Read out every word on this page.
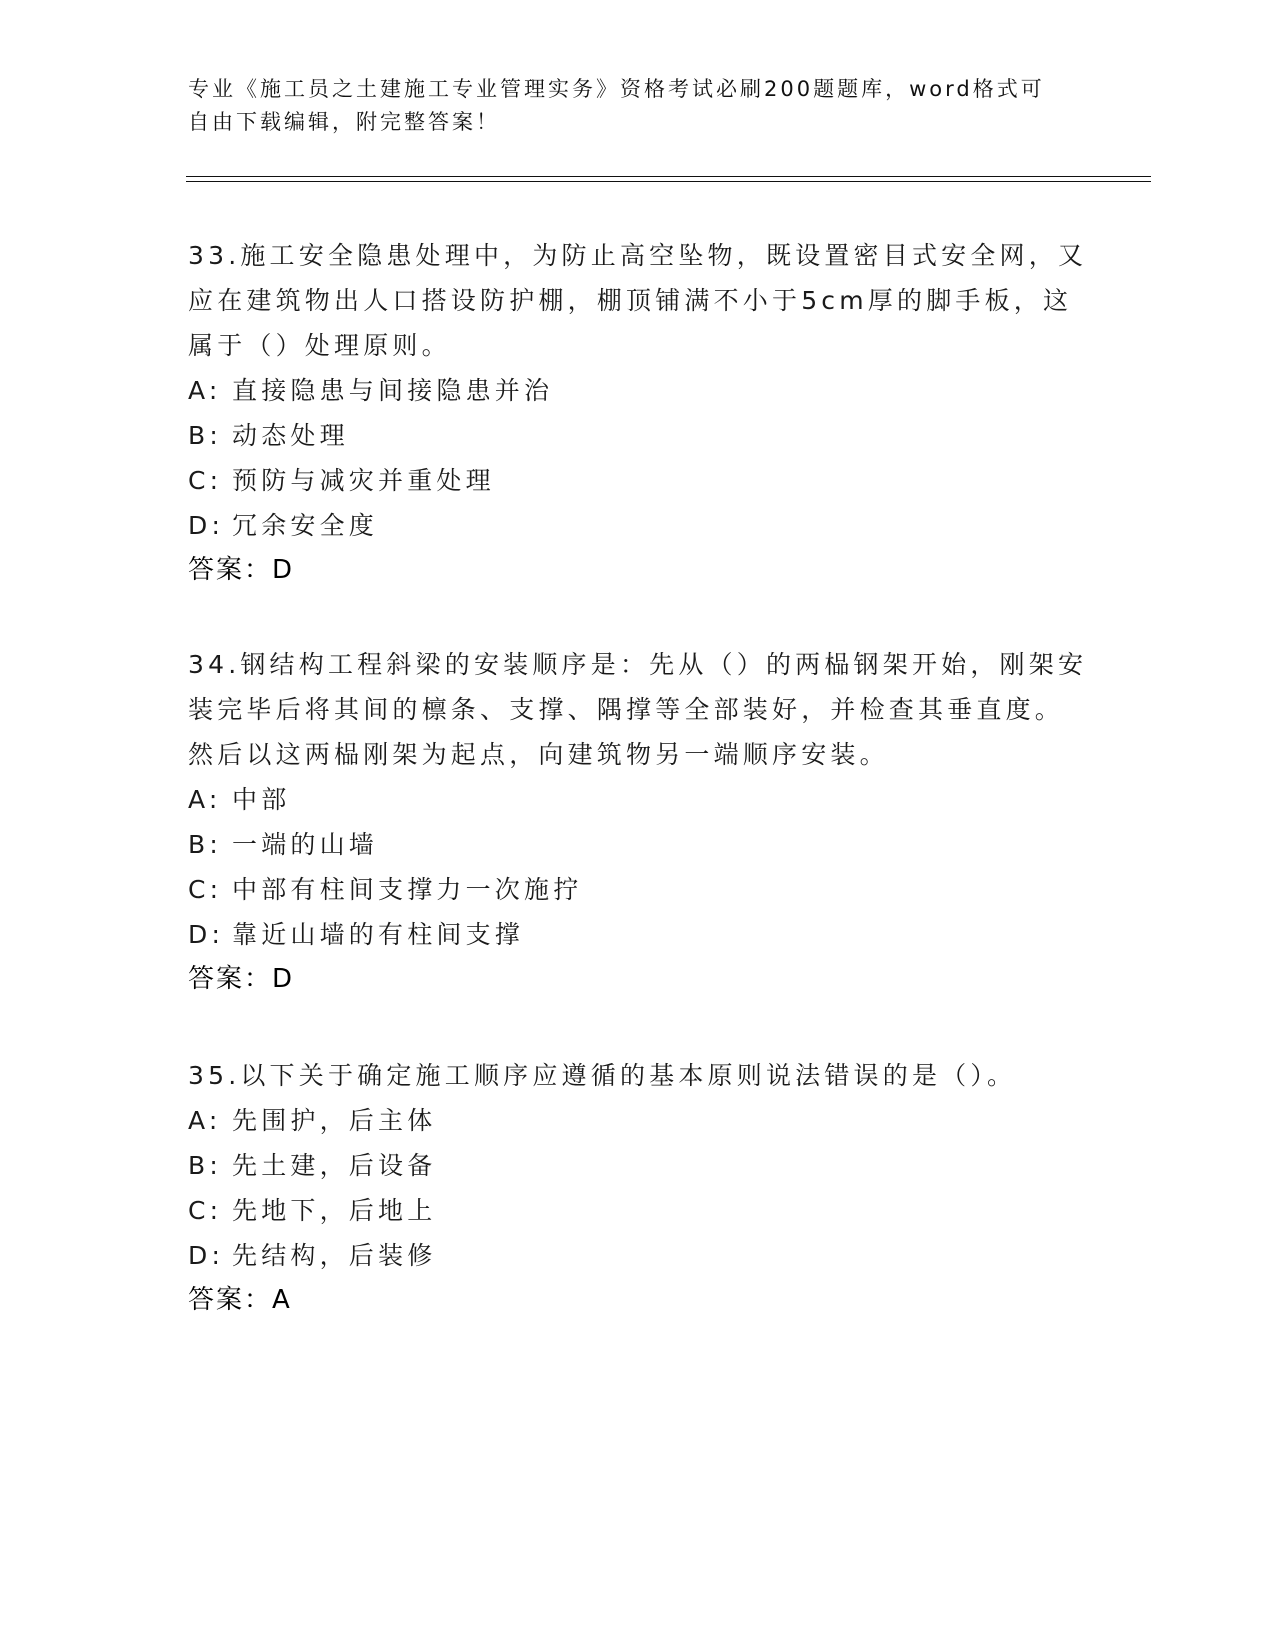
专业《施工员之土建施工专业管理实务》资格考试必刷200题题库，word格式可
自由下载编辑，附完整答案！

33.施工安全隐患处理中，为防止高空坠物，既设置密目式安全网，又应在建筑物出人口搭设防护棚，棚顶铺满不小于5cm厚的脚手板，这属于（）处理原则。

A: 直接隐患与间接隐患并治

B: 动态处理

C: 预防与减灾并重处理

D: 冗余安全度

答案：D

34.钢结构工程斜梁的安装顺序是：先从（）的两榀钢架开始，刚架安装完毕后将其间的檩条、支撑、隅撑等全部装好，并检查其垂直度。然后以这两榀刚架为起点，向建筑物另一端顺序安装。

A: 中部

B: 一端的山墙

C: 中部有柱间支撑力一次施拧

D: 靠近山墙的有柱间支撑

答案：D

35.以下关于确定施工顺序应遵循的基本原则说法错误的是（）。

A: 先围护，后主体

B: 先土建，后设备

C: 先地下，后地上

D: 先结构，后装修

答案：A
